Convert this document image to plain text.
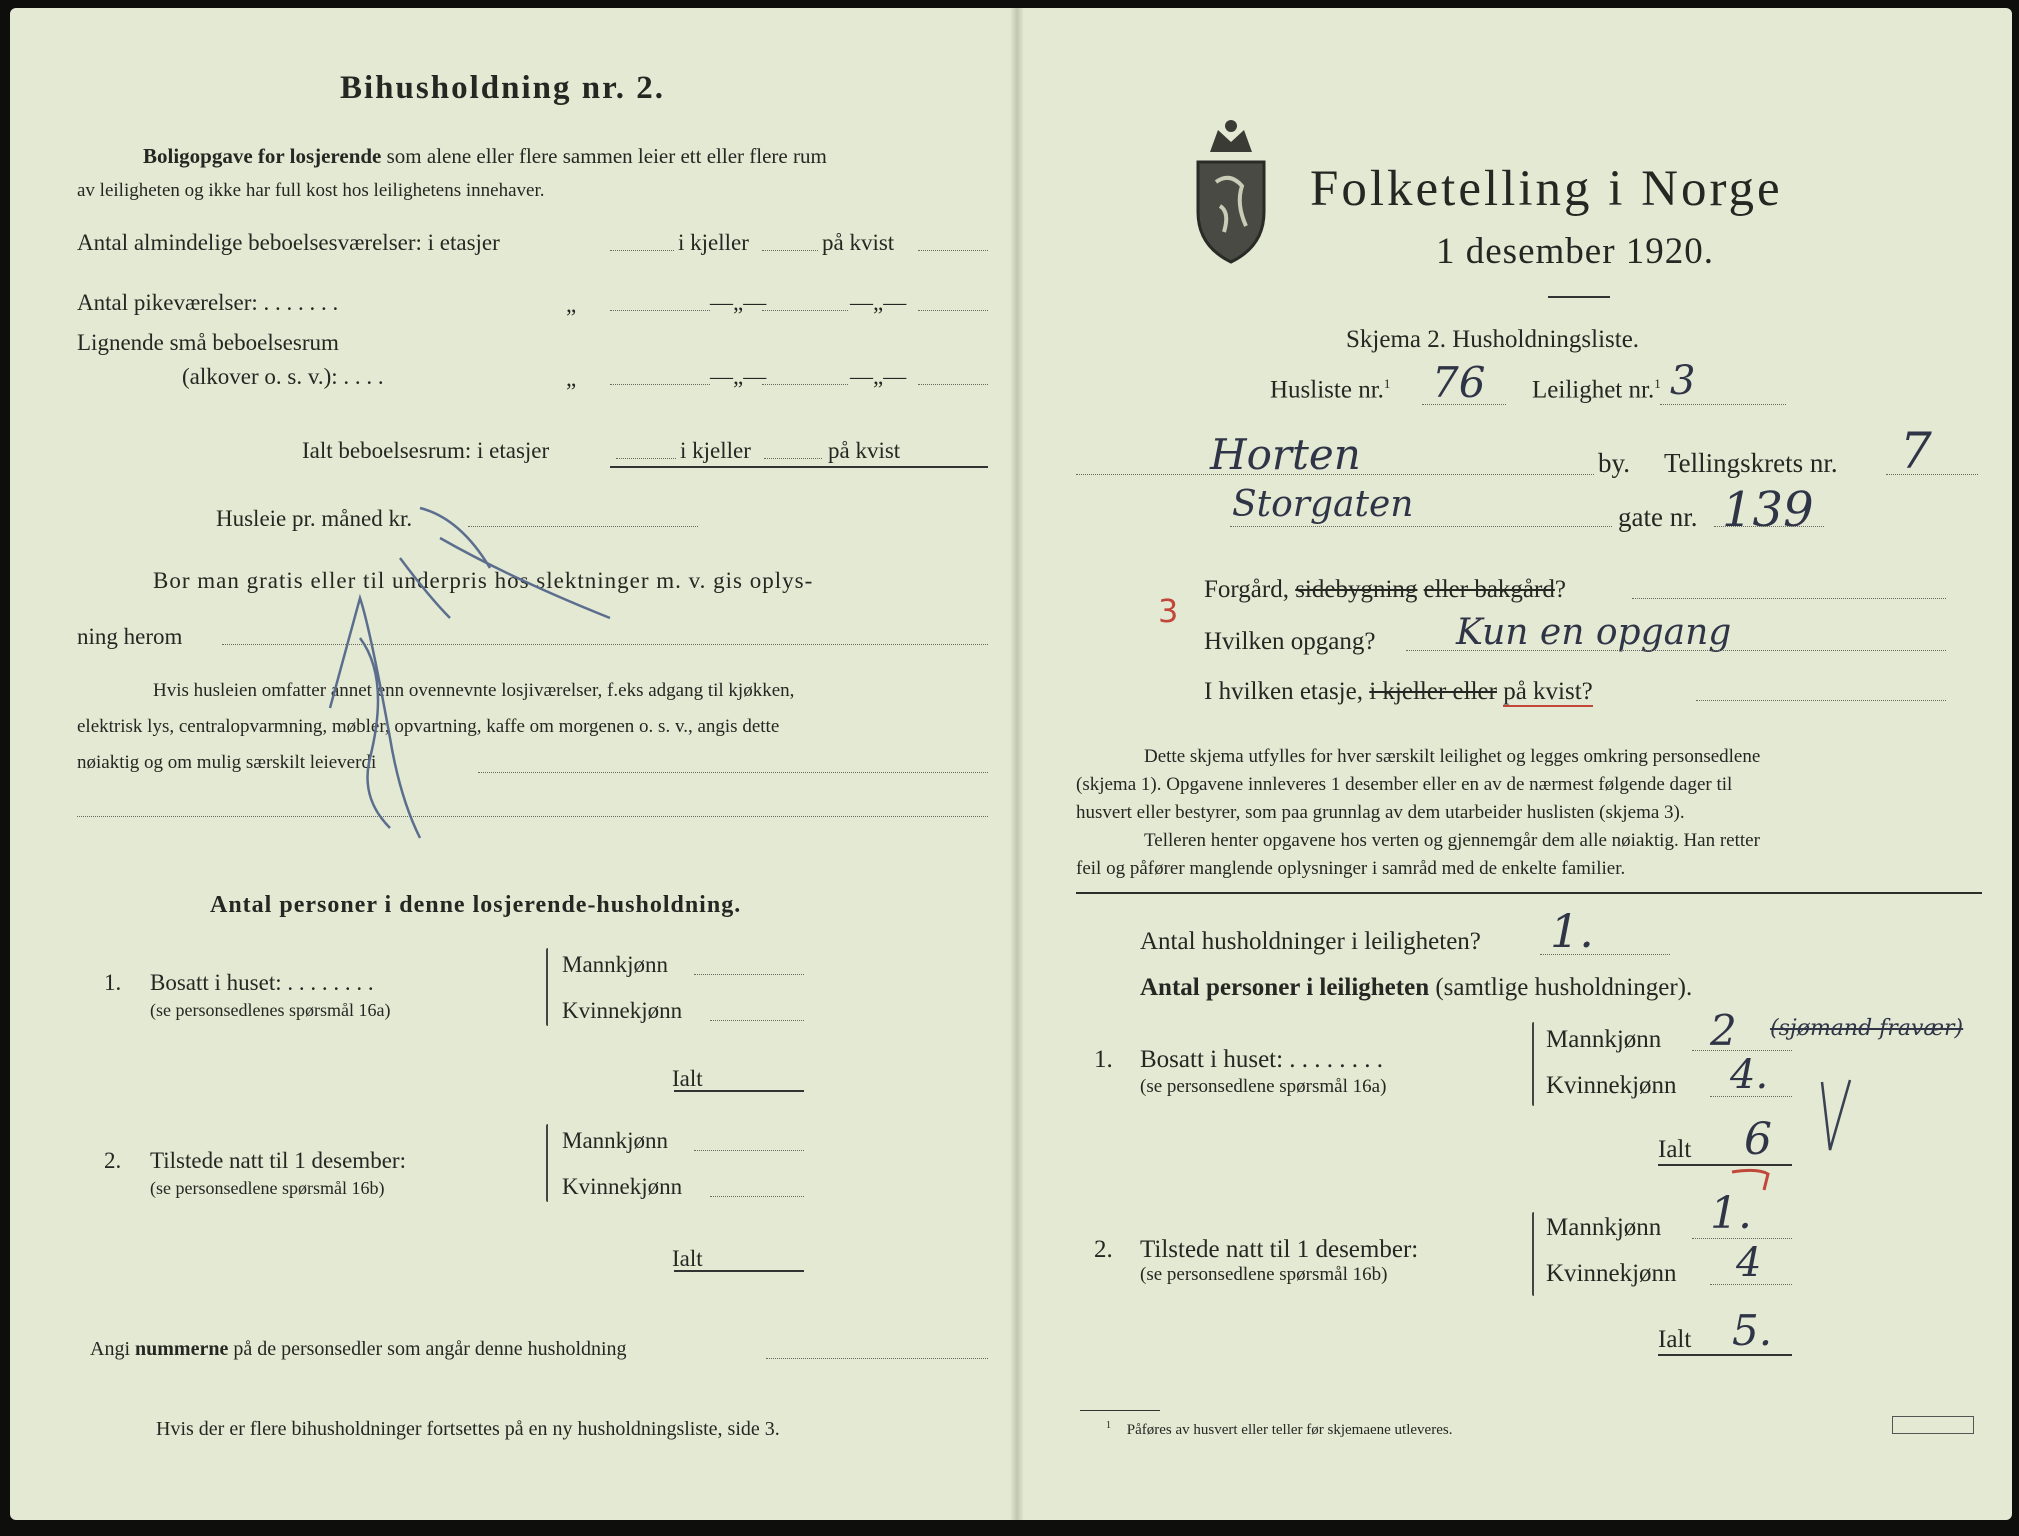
Bihusholdning nr. 2.
Boligopgave for losjerende som alene eller flere sammen leier ett eller flere rum
av leiligheten og ikke har full kost hos leilighetens innehaver.
Antal almindelige beboelsesværelser: i etasjer	i kjeller	på kvist
Antal pikeværelser: . . . . . . .	„	—„—	—„—
Lignende små beboelsesrum
(alkover o. s. v.): . . . .	„	—„—	—„—
Ialt beboelsesrum: i etasjer	i kjeller	på kvist
Husleie pr. måned kr.
Bor man gratis eller til underpris hos slektninger m. v. gis oplys-
ning herom
Hvis husleien omfatter annet enn ovennevnte losjiværelser, f.eks adgang til kjøkken,
elektrisk lys, centralopvarmning, møbler, opvartning, kaffe om morgenen o. s. v., angis dette
nøiaktig og om mulig særskilt leieverdi
Antal personer i denne losjerende-husholdning.
1. Bosatt i huset: . . . . . . . .
(se personsedlenes spørsmål 16a)
Mannkjønn
Kvinnekjønn
Ialt
2. Tilstede natt til 1 desember:
(se personsedlene spørsmål 16b)
Mannkjønn
Kvinnekjønn
Ialt
Angi nummerne på de personsedler som angår denne husholdning
Hvis der er flere bihusholdninger fortsettes på en ny husholdningsliste, side 3.
Folketelling i Norge
1 desember 1920.
Skjema 2. Husholdningsliste.
Husliste nr.$^1$ 76 Leilighet nr.$^1$ 3
Horten	by. Tellingskrets nr. 7
Storgaten	gate nr. 139
3
Forgård, sidebygning eller bakgård?
Hvilken opgang? Kun en opgang
I hvilken etasje, i kjeller eller på kvist?
Dette skjema utfylles for hver særskilt leilighet og legges omkring personsedlene
(skjema 1). Opgavene innleveres 1 desember eller en av de nærmest følgende dager til
husvert eller bestyrer, som paa grunnlag av dem utarbeider huslisten (skjema 3).
Telleren henter opgavene hos verten og gjennemgår dem alle nøiaktig. Han retter
feil og påfører manglende oplysninger i samråd med de enkelte familier.
Antal husholdninger i leiligheten? 1.
Antal personer i leiligheten (samtlige husholdninger).
1. Bosatt i huset: . . . . . . . .
(se personsedlene spørsmål 16a)
Mannkjønn 2 (sjømand fravær)
Kvinnekjønn 4.
Ialt 6
2. Tilstede natt til 1 desember:
(se personsedlene spørsmål 16b)
Mannkjønn 1.
Kvinnekjønn 4
Ialt 5.
$^1$ Påføres av husvert eller teller før skjemaene utleveres.
